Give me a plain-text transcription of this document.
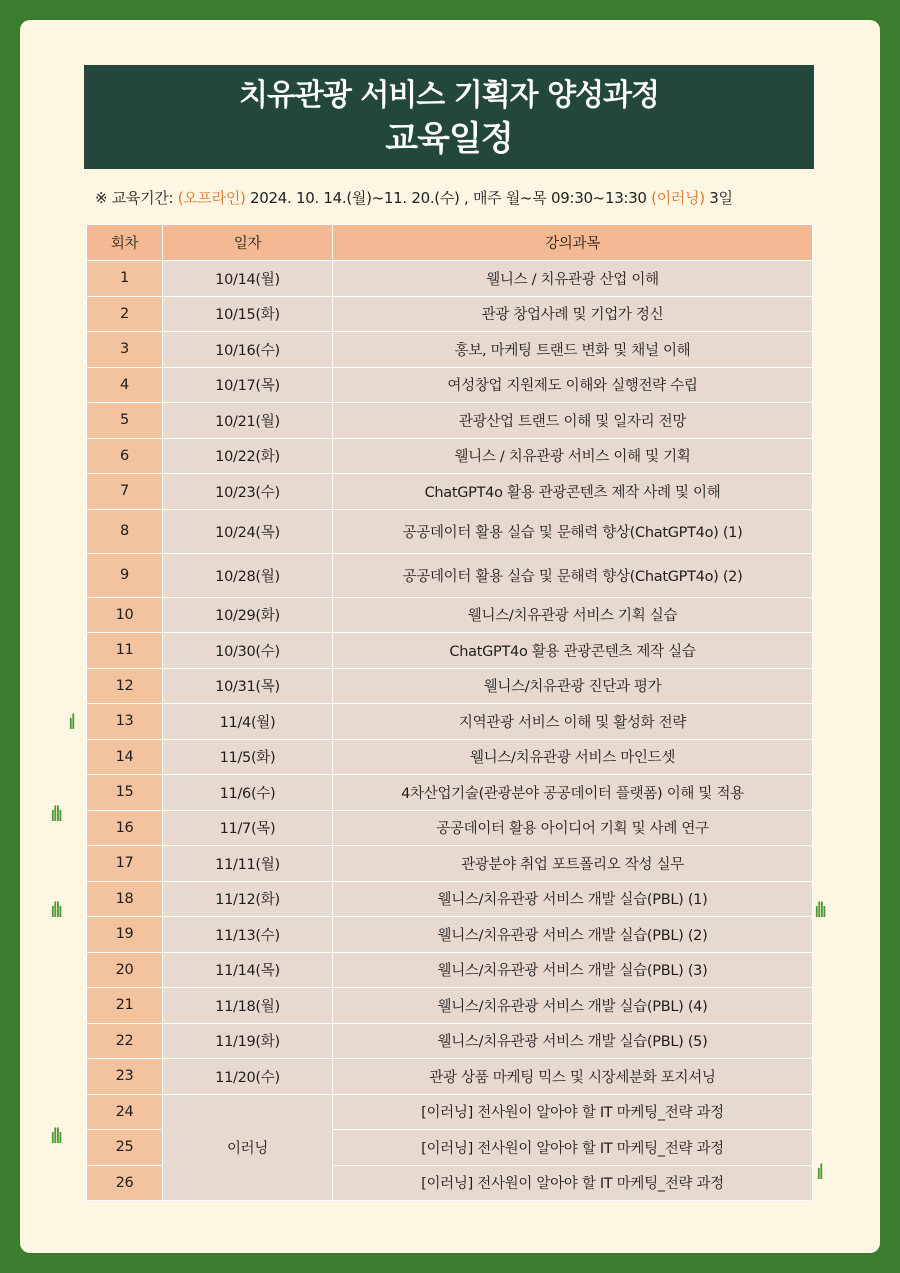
치유관광 서비스 기획자 양성과정
교육일정
※ 교육기간: (오프라인) 2024. 10. 14.(월)~11. 20.(수) , 매주 월~목 09:30~13:30 (이러닝) 3일
회차	일자	강의과목
1	10/14(월)	웰니스 / 치유관광 산업 이해
2	10/15(화)	관광 창업사례 및 기업가 정신
3	10/16(수)	홍보, 마케팅 트랜드 변화 및 채널 이해
4	10/17(목)	여성창업 지원제도 이해와 실행전략 수립
5	10/21(월)	관광산업 트랜드 이해 및 일자리 전망
6	10/22(화)	웰니스 / 치유관광 서비스 이해 및 기획
7	10/23(수)	ChatGPT4o 활용 관광콘텐츠 제작 사례 및 이해
8	10/24(목)	공공데이터 활용 실습 및 문해력 향상(ChatGPT4o) (1)
9	10/28(월)	공공데이터 활용 실습 및 문해력 향상(ChatGPT4o) (2)
10	10/29(화)	웰니스/치유관광 서비스 기획 실습
11	10/30(수)	ChatGPT4o 활용 관광콘텐츠 제작 실습
12	10/31(목)	웰니스/치유관광 진단과 평가
13	11/4(월)	지역관광 서비스 이해 및 활성화 전략
14	11/5(화)	웰니스/치유관광 서비스 마인드셋
15	11/6(수)	4차산업기술(관광분야 공공데이터 플랫폼) 이해 및 적용
16	11/7(목)	공공데이터 활용 아이디어 기획 및 사례 연구
17	11/11(월)	관광분야 취업 포트폴리오 작성 실무
18	11/12(화)	웰니스/치유관광 서비스 개발 실습(PBL) (1)
19	11/13(수)	웰니스/치유관광 서비스 개발 실습(PBL) (2)
20	11/14(목)	웰니스/치유관광 서비스 개발 실습(PBL) (3)
21	11/18(월)	웰니스/치유관광 서비스 개발 실습(PBL) (4)
22	11/19(화)	웰니스/치유관광 서비스 개발 실습(PBL) (5)
23	11/20(수)	관광 상품 마케팅 믹스 및 시장세분화 포지셔닝
24	이러닝	[이러닝] 전사원이 알아야 할 IT 마케팅_전략 과정
25		[이러닝] 전사원이 알아야 할 IT 마케팅_전략 과정
26		[이러닝] 전사원이 알아야 할 IT 마케팅_전략 과정
ıl
ıllı
ıllı	ıllı
ıllı
ıl
